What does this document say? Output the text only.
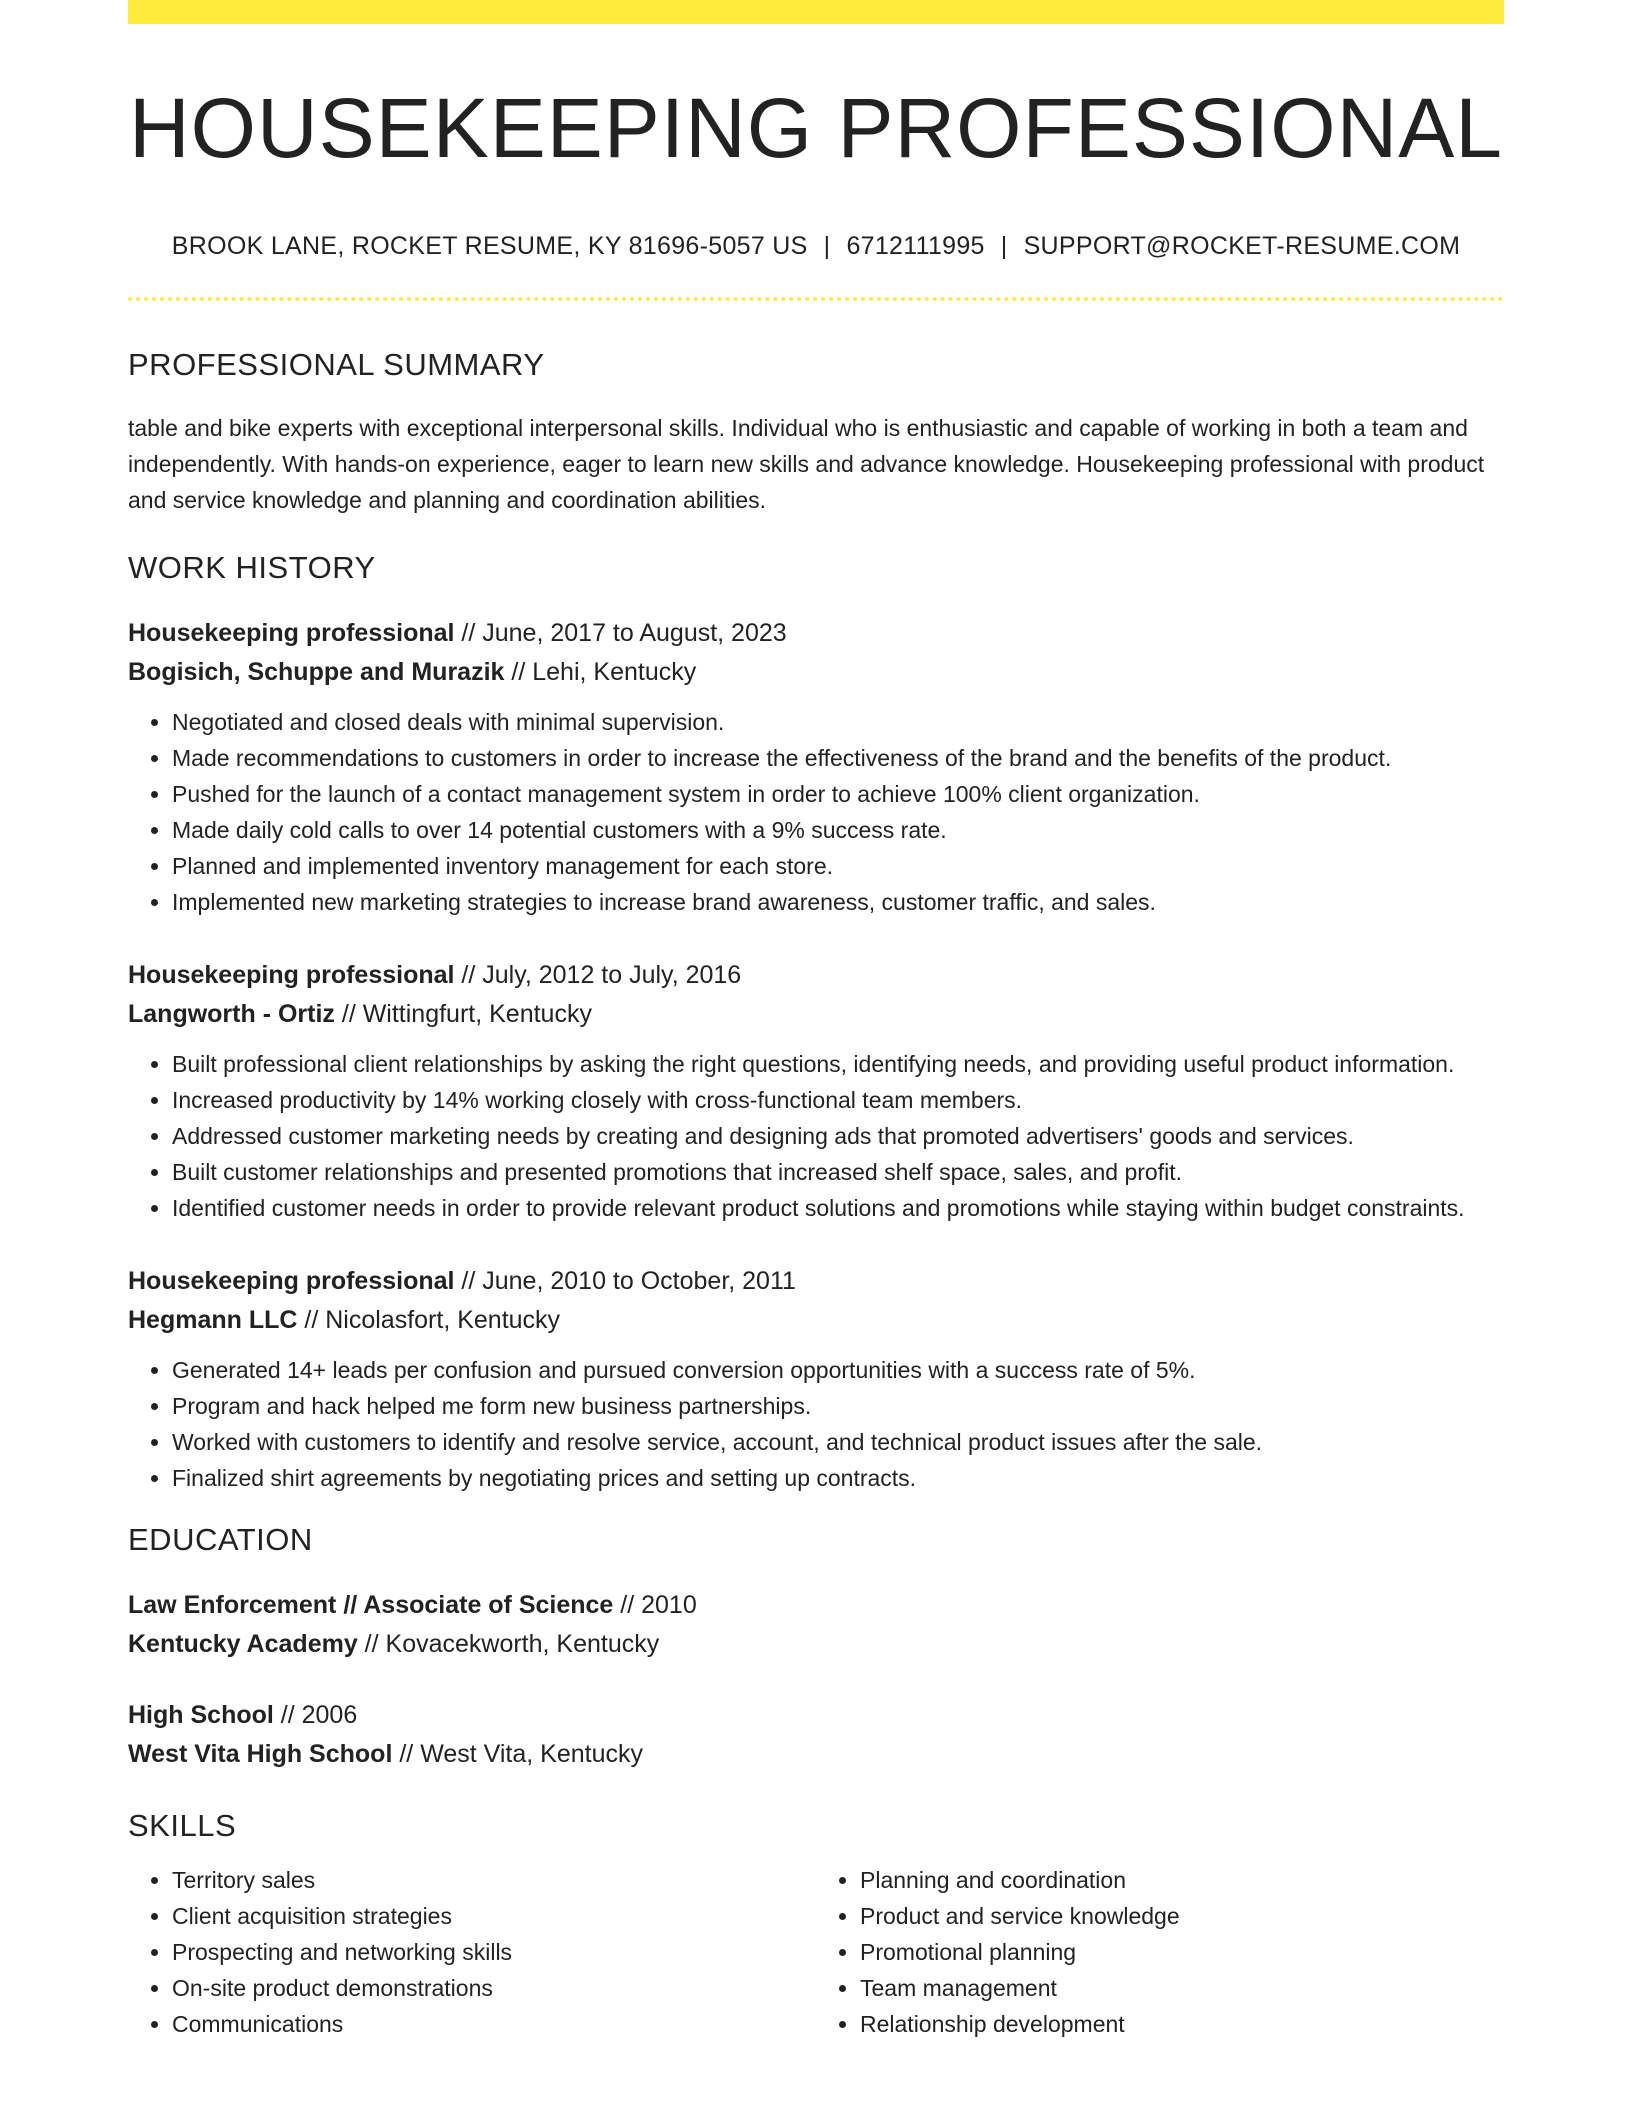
HOUSEKEEPING PROFESSIONAL
BROOK LANE, ROCKET RESUME, KY 81696-5057 US | 6712111995 | SUPPORT@ROCKET-RESUME.COM
PROFESSIONAL SUMMARY
table and bike experts with exceptional interpersonal skills. Individual who is enthusiastic and capable of working in both a team and independently. With hands-on experience, eager to learn new skills and advance knowledge. Housekeeping professional with product and service knowledge and planning and coordination abilities.
WORK HISTORY
Housekeeping professional // June, 2017 to August, 2023
Bogisich, Schuppe and Murazik // Lehi, Kentucky
• Negotiated and closed deals with minimal supervision.
• Made recommendations to customers in order to increase the effectiveness of the brand and the benefits of the product.
• Pushed for the launch of a contact management system in order to achieve 100% client organization.
• Made daily cold calls to over 14 potential customers with a 9% success rate.
• Planned and implemented inventory management for each store.
• Implemented new marketing strategies to increase brand awareness, customer traffic, and sales.
Housekeeping professional // July, 2012 to July, 2016
Langworth - Ortiz // Wittingfurt, Kentucky
• Built professional client relationships by asking the right questions, identifying needs, and providing useful product information.
• Increased productivity by 14% working closely with cross-functional team members.
• Addressed customer marketing needs by creating and designing ads that promoted advertisers' goods and services.
• Built customer relationships and presented promotions that increased shelf space, sales, and profit.
• Identified customer needs in order to provide relevant product solutions and promotions while staying within budget constraints.
Housekeeping professional // June, 2010 to October, 2011
Hegmann LLC // Nicolasfort, Kentucky
• Generated 14+ leads per confusion and pursued conversion opportunities with a success rate of 5%.
• Program and hack helped me form new business partnerships.
• Worked with customers to identify and resolve service, account, and technical product issues after the sale.
• Finalized shirt agreements by negotiating prices and setting up contracts.
EDUCATION
Law Enforcement // Associate of Science // 2010
Kentucky Academy // Kovacekworth, Kentucky
High School // 2006
West Vita High School // West Vita, Kentucky
SKILLS
• Territory sales
• Client acquisition strategies
• Prospecting and networking skills
• On-site product demonstrations
• Communications
• Planning and coordination
• Product and service knowledge
• Promotional planning
• Team management
• Relationship development
